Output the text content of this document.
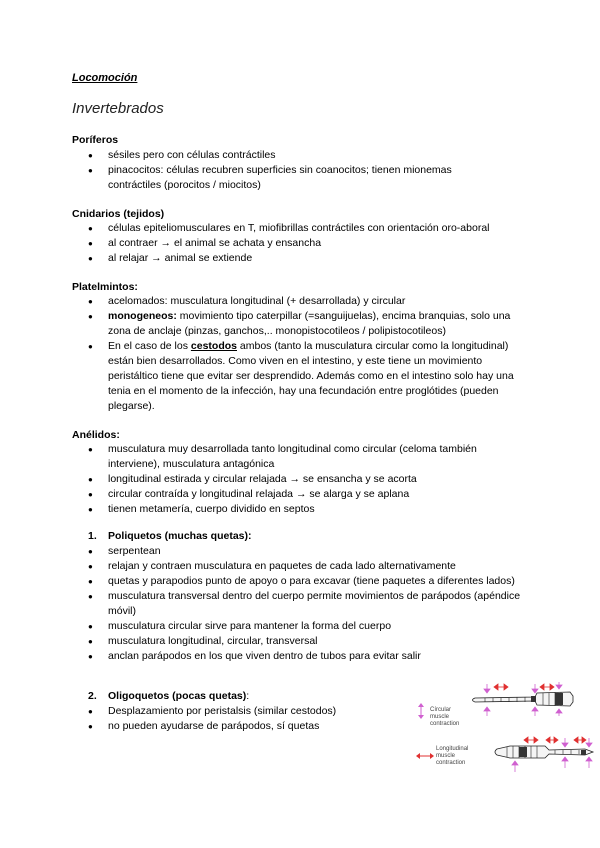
Locomoción
Invertebrados
Poríferos
● sésiles pero con células contráctiles
● pinacocitos: células recubren superficies sin coanocitos; tienen mionemas contráctiles (porocitos / miocitos)
Cnidarios (tejidos)
● células epiteliomusculares en T, miofibrillas contráctiles con orientación oro-aboral
● al contraer → el animal se achata y ensancha
● al relajar → animal se extiende
Platelmintos:
● acelomados: musculatura longitudinal (+ desarrollada) y circular
● monogeneos: movimiento tipo caterpillar (=sanguijuelas), encima branquias, solo una zona de anclaje (pinzas, ganchos,.. monopistocotileos / polipistocotileos)
● En el caso de los cestodos ambos (tanto la musculatura circular como la longitudinal) están bien desarrollados. Como viven en el intestino, y este tiene un movimiento peristáltico tiene que evitar ser desprendido. Además como en el intestino solo hay una tenia en el momento de la infección, hay una fecundación entre proglótides (pueden plegarse).
Anélidos:
● musculatura muy desarrollada tanto longitudinal como circular (celoma también interviene), musculatura antagónica
● longitudinal estirada y circular relajada → se ensancha y se acorta
● circular contraída y longitudinal relajada → se alarga y se aplana
● tienen metamería, cuerpo dividido en septos
1. Poliquetos (muchas quetas):
● serpentean
● relajan y contraen musculatura en paquetes de cada lado alternativamente
● quetas y parapodios punto de apoyo o para excavar (tiene paquetes a diferentes lados)
● musculatura transversal dentro del cuerpo permite movimientos de parápodos (apéndice móvil)
● musculatura circular sirve para mantener la forma del cuerpo
● musculatura longitudinal, circular, transversal
● anclan parápodos en los que viven dentro de tubos para evitar salir
2. Oligoquetos (pocas quetas):
● Desplazamiento por peristalsis (similar cestodos)
● no pueden ayudarse de parápodos, sí quetas
Círcular
muscle
contraction
Longitudinal
muscle
contraction
